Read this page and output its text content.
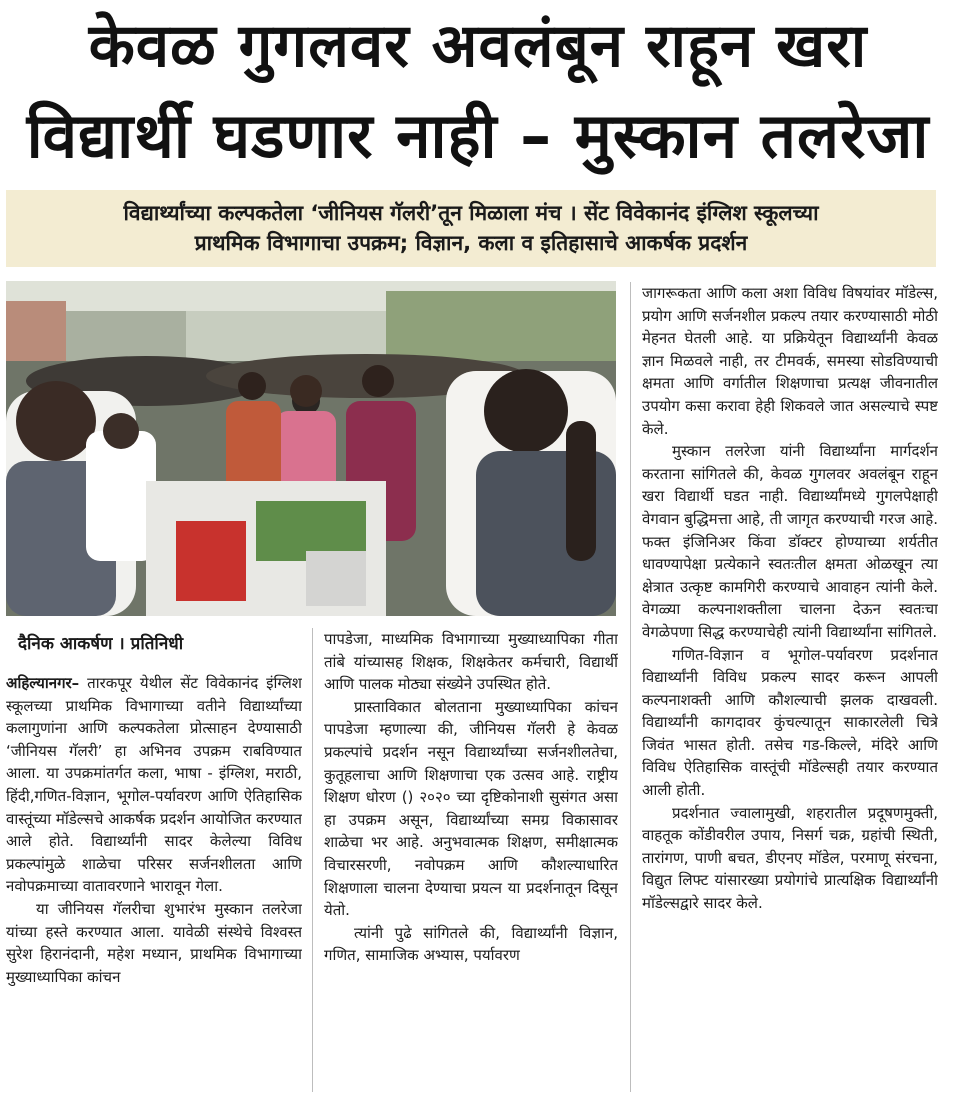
केवळ गुगलवर अवलंबून राहून खरा
विद्यार्थी घडणार नाही – मुस्कान तलरेजा
विद्यार्थ्यांच्या कल्पकतेला ‘जीनियस गॅलरी’तून मिळाला मंच । सेंट विवेकानंद इंग्लिश स्कूलच्या
प्राथमिक विभागाचा उपक्रम; विज्ञान, कला व इतिहासाचे आकर्षक प्रदर्शन
दैनिक आकर्षण । प्रतिनिधी

अहिल्यानगर– तारकपूर येथील सेंट विवेकानंद इंग्लिश स्कूलच्या प्राथमिक विभागाच्या वतीने विद्यार्थ्यांच्या कलागुणांना आणि कल्पकतेला प्रोत्साहन देण्यासाठी ‘जीनियस गॅलरी’ हा अभिनव उपक्रम राबविण्यात आला. या उपक्रमांतर्गत कला, भाषा - इंग्लिश, मराठी, हिंदी,गणित-विज्ञान, भूगोल-पर्यावरण आणि ऐतिहासिक वास्तूंच्या मॉडेल्सचे आकर्षक प्रदर्शन आयोजित करण्यात आले होते. विद्यार्थ्यांनी सादर केलेल्या विविध प्रकल्पांमुळे शाळेचा परिसर सर्जनशीलता आणि नवोपक्रमाच्या वातावरणाने भारावून गेला.

या जीनियस गॅलरीचा शुभारंभ मुस्कान तलरेजा यांच्या हस्ते करण्यात आला. यावेळी संस्थेचे विश्वस्त सुरेश हिरानंदानी, महेश मध्यान, प्राथमिक विभागाच्या मुख्याध्यापिका कांचन

पापडेजा, माध्यमिक विभागाच्या मुख्याध्यापिका गीता तांबे यांच्यासह शिक्षक, शिक्षकेतर कर्मचारी, विद्यार्थी आणि पालक मोठ्या संख्येने उपस्थित होते.

प्रास्ताविकात बोलताना मुख्याध्यापिका कांचन पापडेजा म्हणाल्या की, जीनियस गॅलरी हे केवळ प्रकल्पांचे प्रदर्शन नसून विद्यार्थ्यांच्या सर्जनशीलतेचा, कुतूहलाचा आणि शिक्षणाचा एक उत्सव आहे. राष्ट्रीय शिक्षण धोरण () २०२० च्या दृष्टिकोनाशी सुसंगत असा हा उपक्रम असून, विद्यार्थ्यांच्या समग्र विकासावर शाळेचा भर आहे. अनुभवात्मक शिक्षण, समीक्षात्मक विचारसरणी, नवोपक्रम आणि कौशल्याधारित शिक्षणाला चालना देण्याचा प्रयत्न या प्रदर्शनातून दिसून येतो.

त्यांनी पुढे सांगितले की, विद्यार्थ्यांनी विज्ञान, गणित, सामाजिक अभ्यास, पर्यावरण

जागरूकता आणि कला अशा विविध विषयांवर मॉडेल्स, प्रयोग आणि सर्जनशील प्रकल्प तयार करण्यासाठी मोठी मेहनत घेतली आहे. या प्रक्रियेतून विद्यार्थ्यांनी केवळ ज्ञान मिळवले नाही, तर टीमवर्क, समस्या सोडविण्याची क्षमता आणि वर्गातील शिक्षणाचा प्रत्यक्ष जीवनातील उपयोग कसा करावा हेही शिकवले जात असल्याचे स्पष्ट केले.

मुस्कान तलरेजा यांनी विद्यार्थ्यांना मार्गदर्शन करताना सांगितले की, केवळ गुगलवर अवलंबून राहून खरा विद्यार्थी घडत नाही. विद्यार्थ्यांमध्ये गुगलपेक्षाही वेगवान बुद्धिमत्ता आहे, ती जागृत करण्याची गरज आहे. फक्त इंजिनिअर किंवा डॉक्टर होण्याच्या शर्यतीत धावण्यापेक्षा प्रत्येकाने स्वतःतील क्षमता ओळखून त्या क्षेत्रात उत्कृष्ट कामगिरी करण्याचे आवाहन त्यांनी केले. वेगळ्या कल्पनाशक्तीला चालना देऊन स्वतःचा वेगळेपणा सिद्ध करण्याचेही त्यांनी विद्यार्थ्यांना सांगितले.

गणित-विज्ञान व भूगोल-पर्यावरण प्रदर्शनात विद्यार्थ्यांनी विविध प्रकल्प सादर करून आपली कल्पनाशक्ती आणि कौशल्याची झलक दाखवली. विद्यार्थ्यांनी कागदावर कुंचल्यातून साकारलेली चित्रे जिवंत भासत होती. तसेच गड-किल्ले, मंदिरे आणि विविध ऐतिहासिक वास्तूंची मॉडेल्सही तयार करण्यात आली होती.

प्रदर्शनात ज्वालामुखी, शहरातील प्रदूषणमुक्ती, वाहतूक कोंडीवरील उपाय, निसर्ग चक्र, ग्रहांची स्थिती, तारांगण, पाणी बचत, डीएनए मॉडेल, परमाणू संरचना, विद्युत लिफ्ट यांसारख्या प्रयोगांचे प्रात्यक्षिक विद्यार्थ्यांनी मॉडेल्सद्वारे सादर केले.
